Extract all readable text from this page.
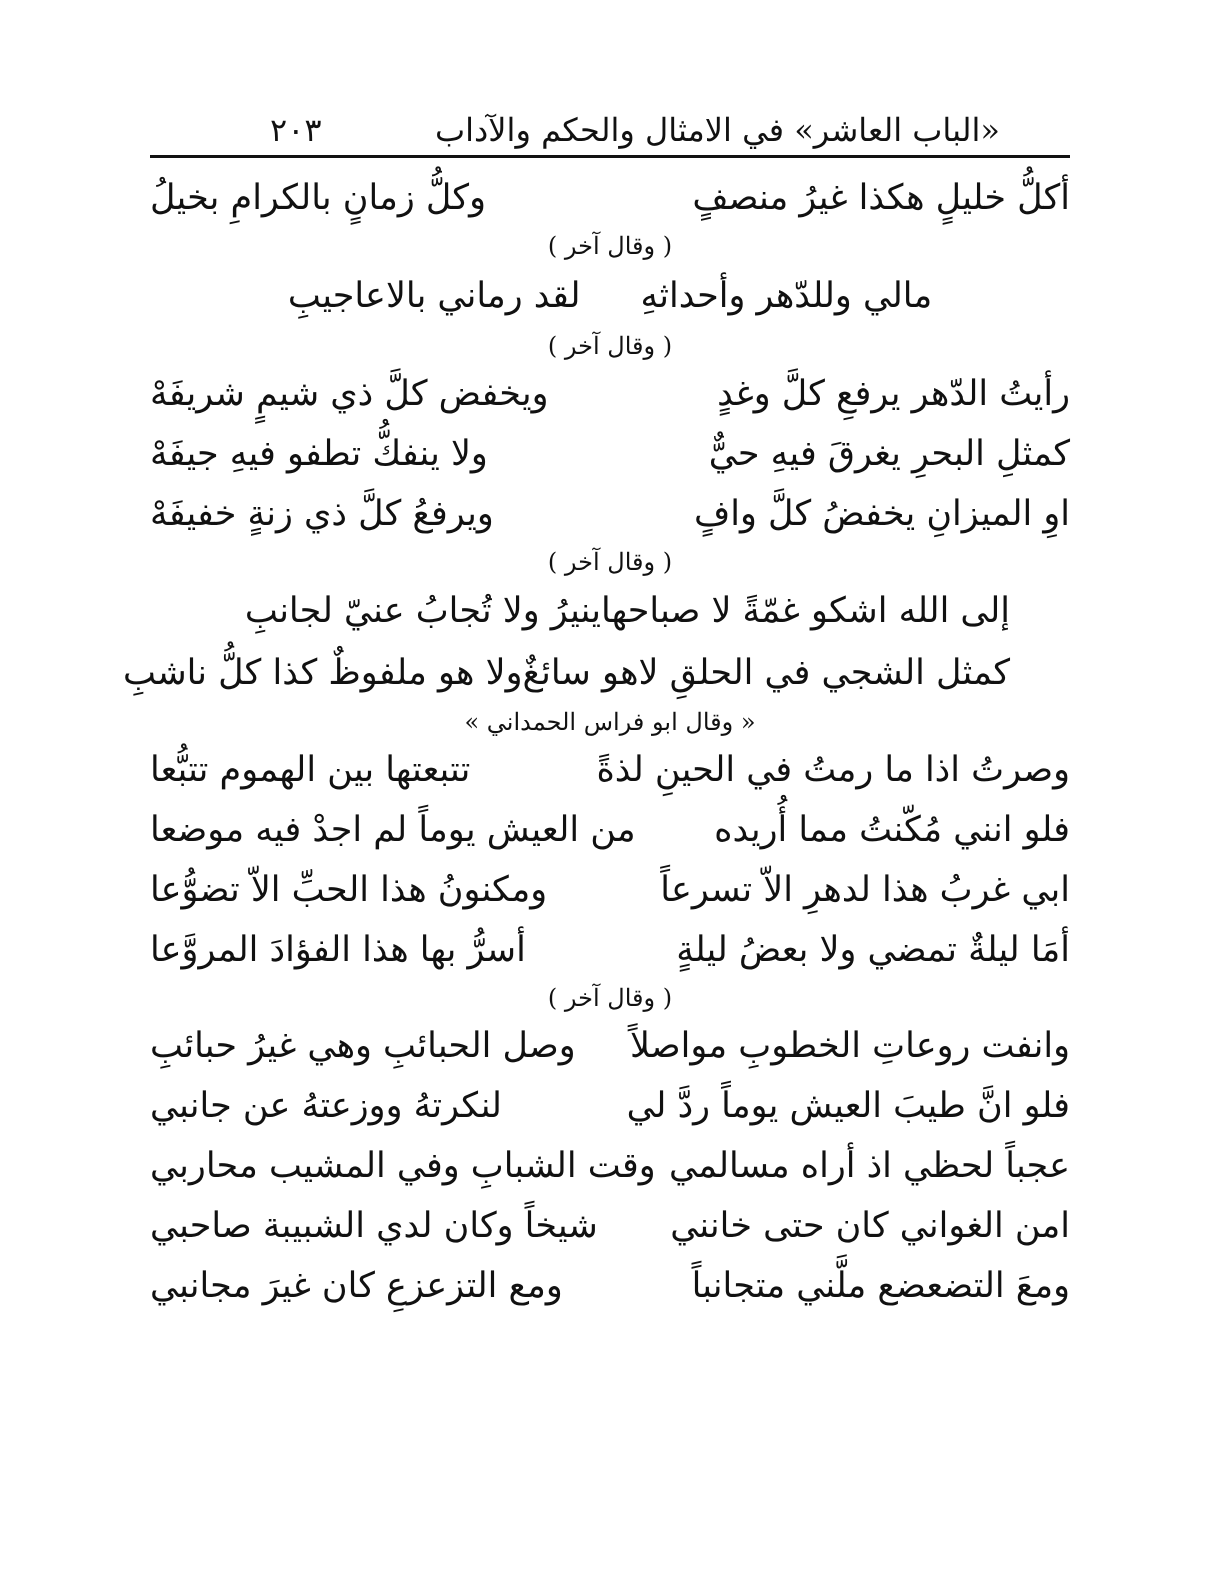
«الباب العاشر» في الامثال والحكم والآداب
٢٠٣
أكلُّ خليلٍ هكذا غيرُ منصفٍ
وكلُّ زمانٍ بالكرامِ بخيلُ
( وقال آخر )
مالي وللدّهر وأحداثهِ
لقد رماني بالاعاجيبِ
( وقال آخر )
رأيتُ الدّهر يرفعِ كلَّ وغدٍ
ويخفض كلَّ ذي شيمٍ شريفَهْ
كمثلِ البحرِ يغرقَ فيهِ حيٌّ
ولا ينفكُّ تطفو فيهِ جيفَهْ
اوِ الميزانِ يخفضُ كلَّ وافٍ
ويرفعُ كلَّ ذي زنةٍ خفيفَهْ
( وقال آخر )
إلى الله اشكو غمّةً لا صباحها
ينيرُ ولا تُجابُ عنيّ لجانبِ
كمثل الشجي في الحلقِ لاهو سائغٌ
ولا هو ملفوظٌ كذا كلُّ ناشبِ
« وقال ابو فراس الحمداني »
وصرتُ اذا ما رمتُ في الحينِ لذةً
تتبعتها بين الهموم تتبُّعا
فلو انني مُكّنتُ مما أُريده
من العيش يوماً لم اجدْ فيه موضعا
ابي غربُ هذا لدهرِ الاّ تسرعاً
ومكنونُ هذا الحبِّ الاّ تضوُّعا
أمَا ليلةٌ تمضي ولا بعضُ ليلةٍ
أسرُّ بها هذا الفؤادَ المروَّعا
( وقال آخر )
وانفت روعاتِ الخطوبِ مواصلاً
وصل الحبائبِ وهي غيرُ حبائبِ
فلو انَّ طيبَ العيش يوماً ردَّ لي
لنكرتهُ ووزعتهُ عن جانبي
عجباً لحظي اذ أراه مسالمي
وقت الشبابِ وفي المشيب محاربي
امن الغواني كان حتى خانني
شيخاً وكان لدي الشبيبة صاحبي
ومعَ التضعضع ملَّني متجانباً
ومع التزعزعِ كان غيرَ مجانبي
